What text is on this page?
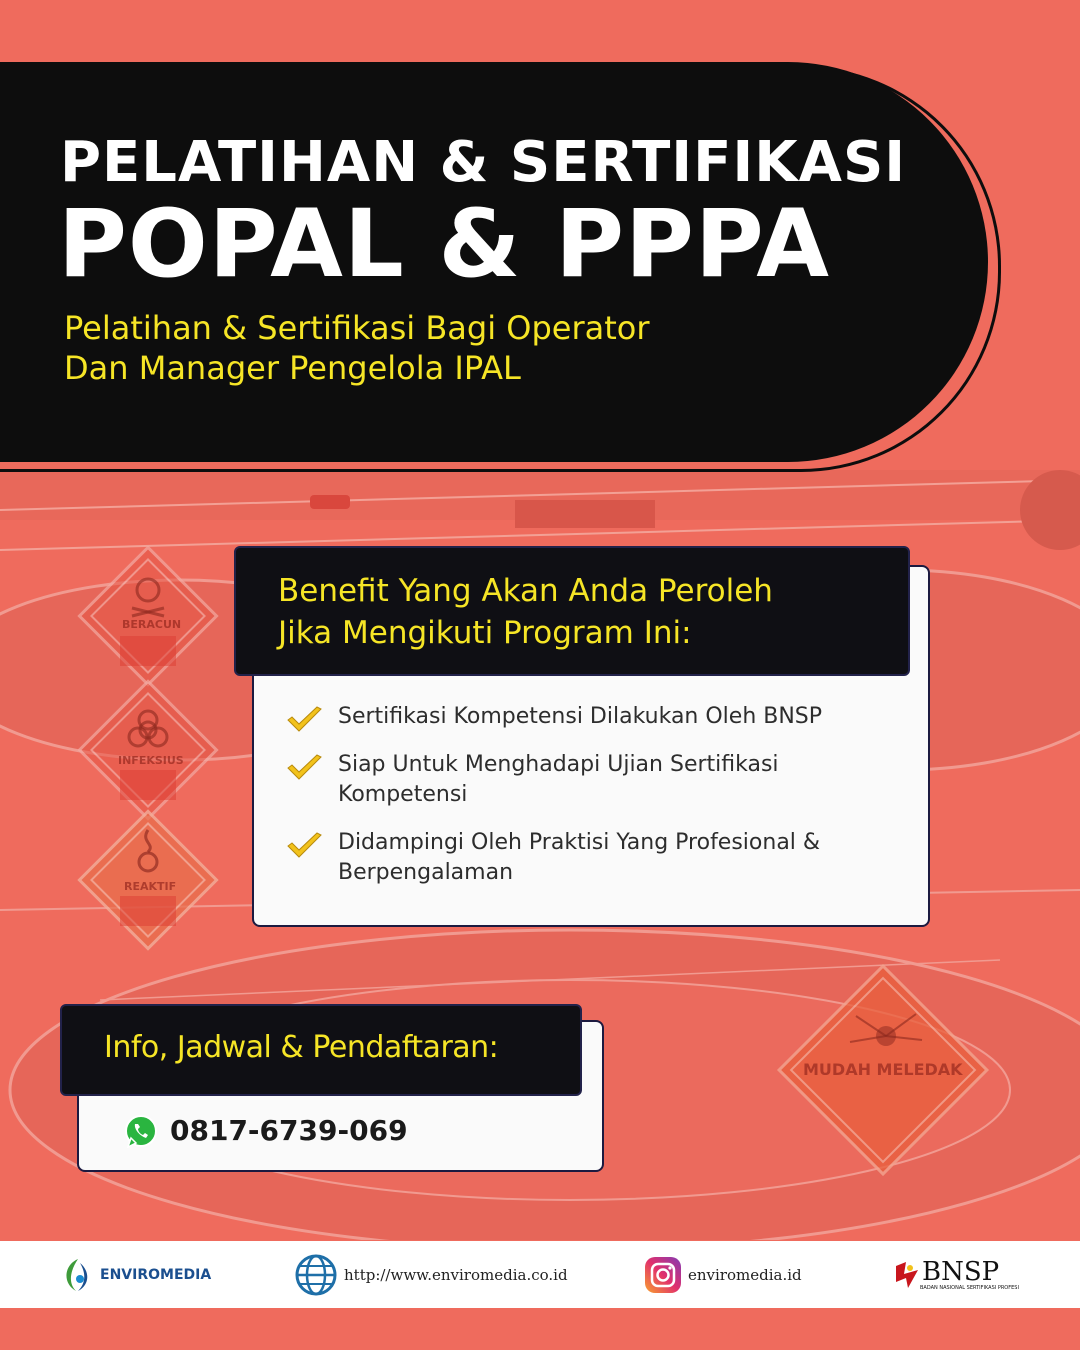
BERACUN
INFEKSIUS
REAKTIF
MUDAH MELEDAK
PELATIHAN & SERTIFIKASI
POPAL & PPPA
Pelatihan & Sertifikasi Bagi Operator
Dan Manager Pengelola IPAL
Benefit Yang Akan Anda Peroleh
Jika Mengikuti Program Ini:
Sertifikasi Kompetensi Dilakukan Oleh BNSP
Siap Untuk Menghadapi Ujian Sertifikasi
Kompetensi
Didampingi Oleh Praktisi Yang Profesional &
Berpengalaman
Info, Jadwal & Pendaftaran:
0817-6739-069
ENVIROMEDIA	http://www.enviromedia.co.id	enviromedia.id	BNSP
BADAN NASIONAL SERTIFIKASI PROFESI
